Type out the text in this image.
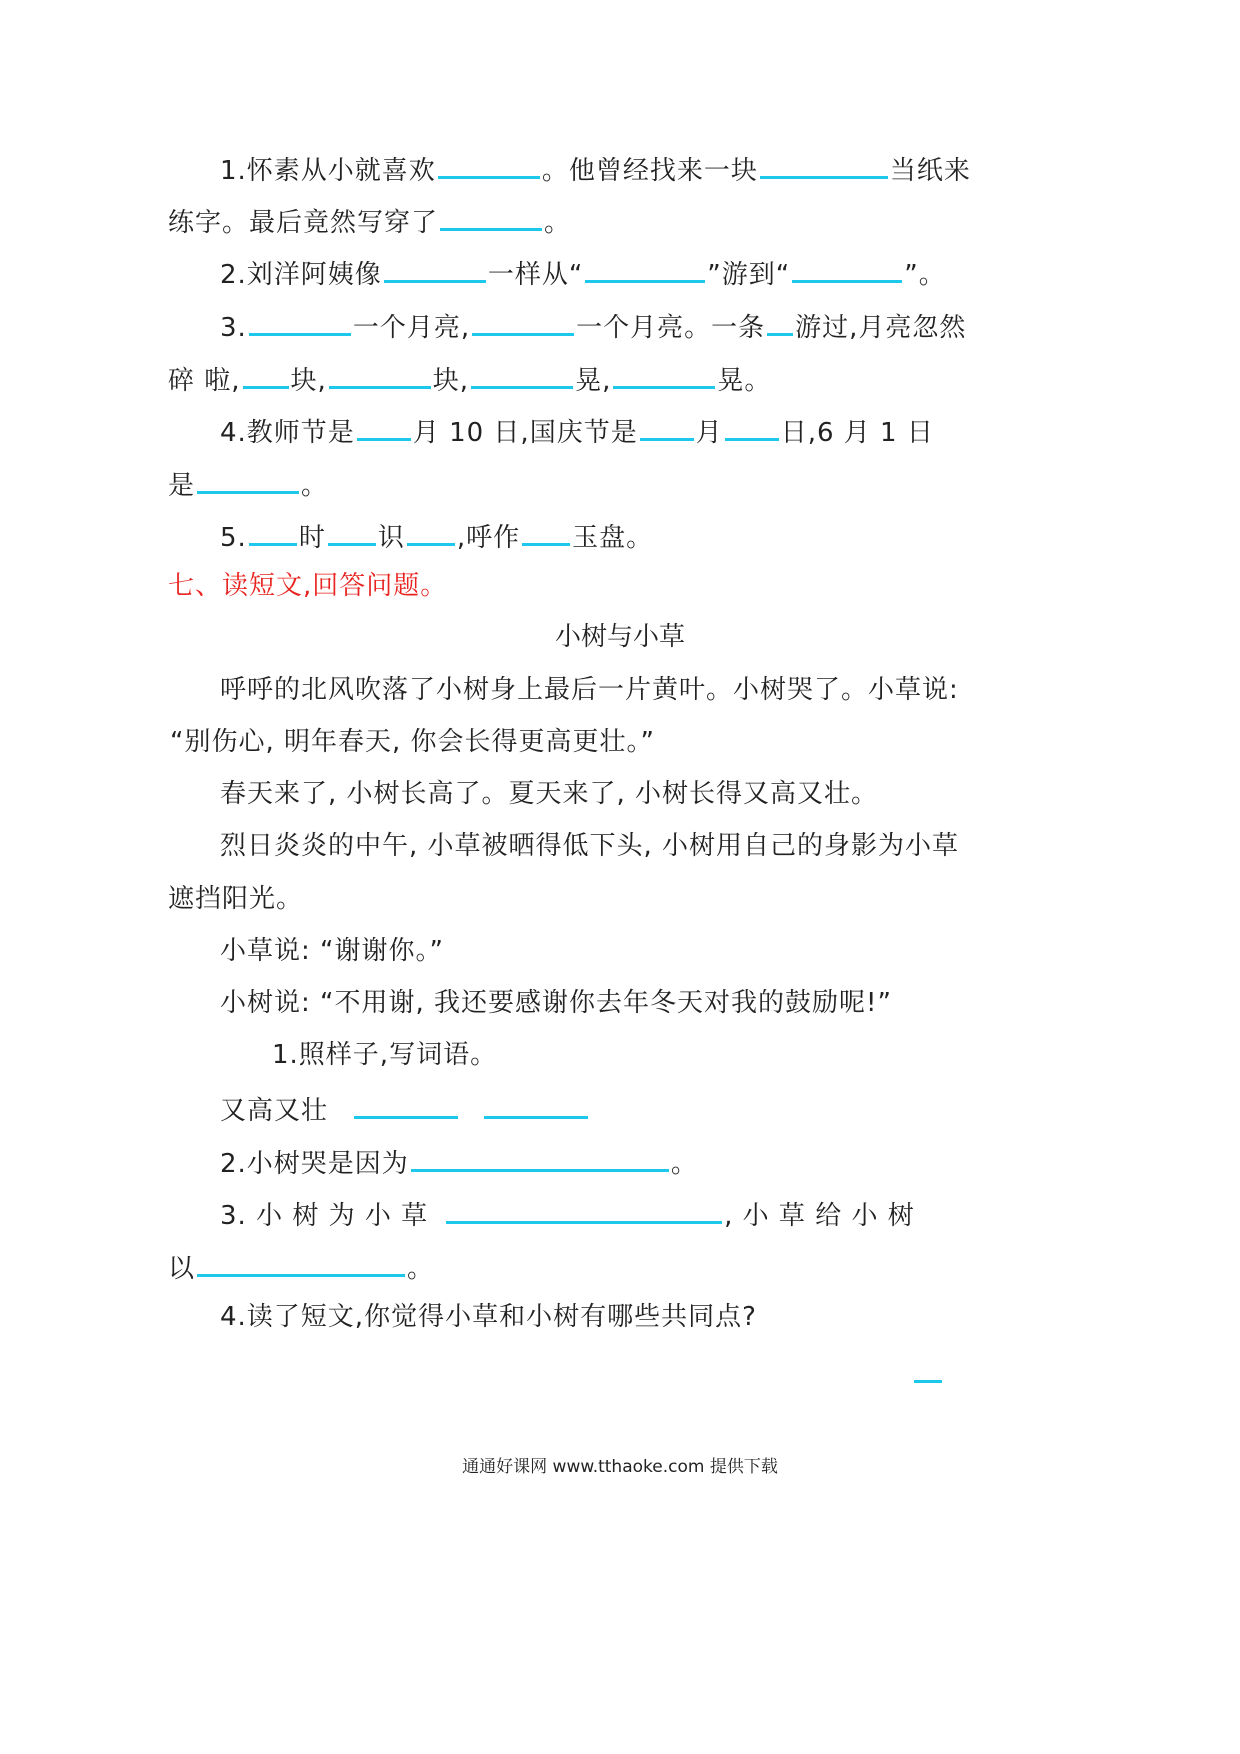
1.怀素从小就喜欢	。他曾经找来一块	当纸来
练字。最后竟然写穿了	。
2.刘洋阿姨像	一样从“	”游到“	”。
3.	一个月亮,	一个月亮。一条 游过,月亮忽然
碎 啦, 块,	块,	晃,	晃。
4.教师节是 月 10 日,国庆节是 月 日,6 月 1 日
是	。
5. 时 识 ,呼作 玉盘。
七、读短文,回答问题。
小树与小草
呼呼的北风吹落了小树身上最后一片黄叶。小树哭了。小草说:
“别伤心, 明年春天, 你会长得更高更壮。”
春天来了, 小树长高了。夏天来了, 小树长得又高又壮。
烈日炎炎的中午, 小草被晒得低下头, 小树用自己的身影为小草
遮挡阳光。
小草说: “谢谢你。”
小树说: “不用谢, 我还要感谢你去年冬天对我的鼓励呢!”
1.照样子,写词语。
又高又壮
2.小树哭是因为	。
3. 小 树 为 小 草	, 小 草 给 小 树
以	。
4.读了短文,你觉得小草和小树有哪些共同点?
通通好课网 www.tthaoke.com 提供下载
